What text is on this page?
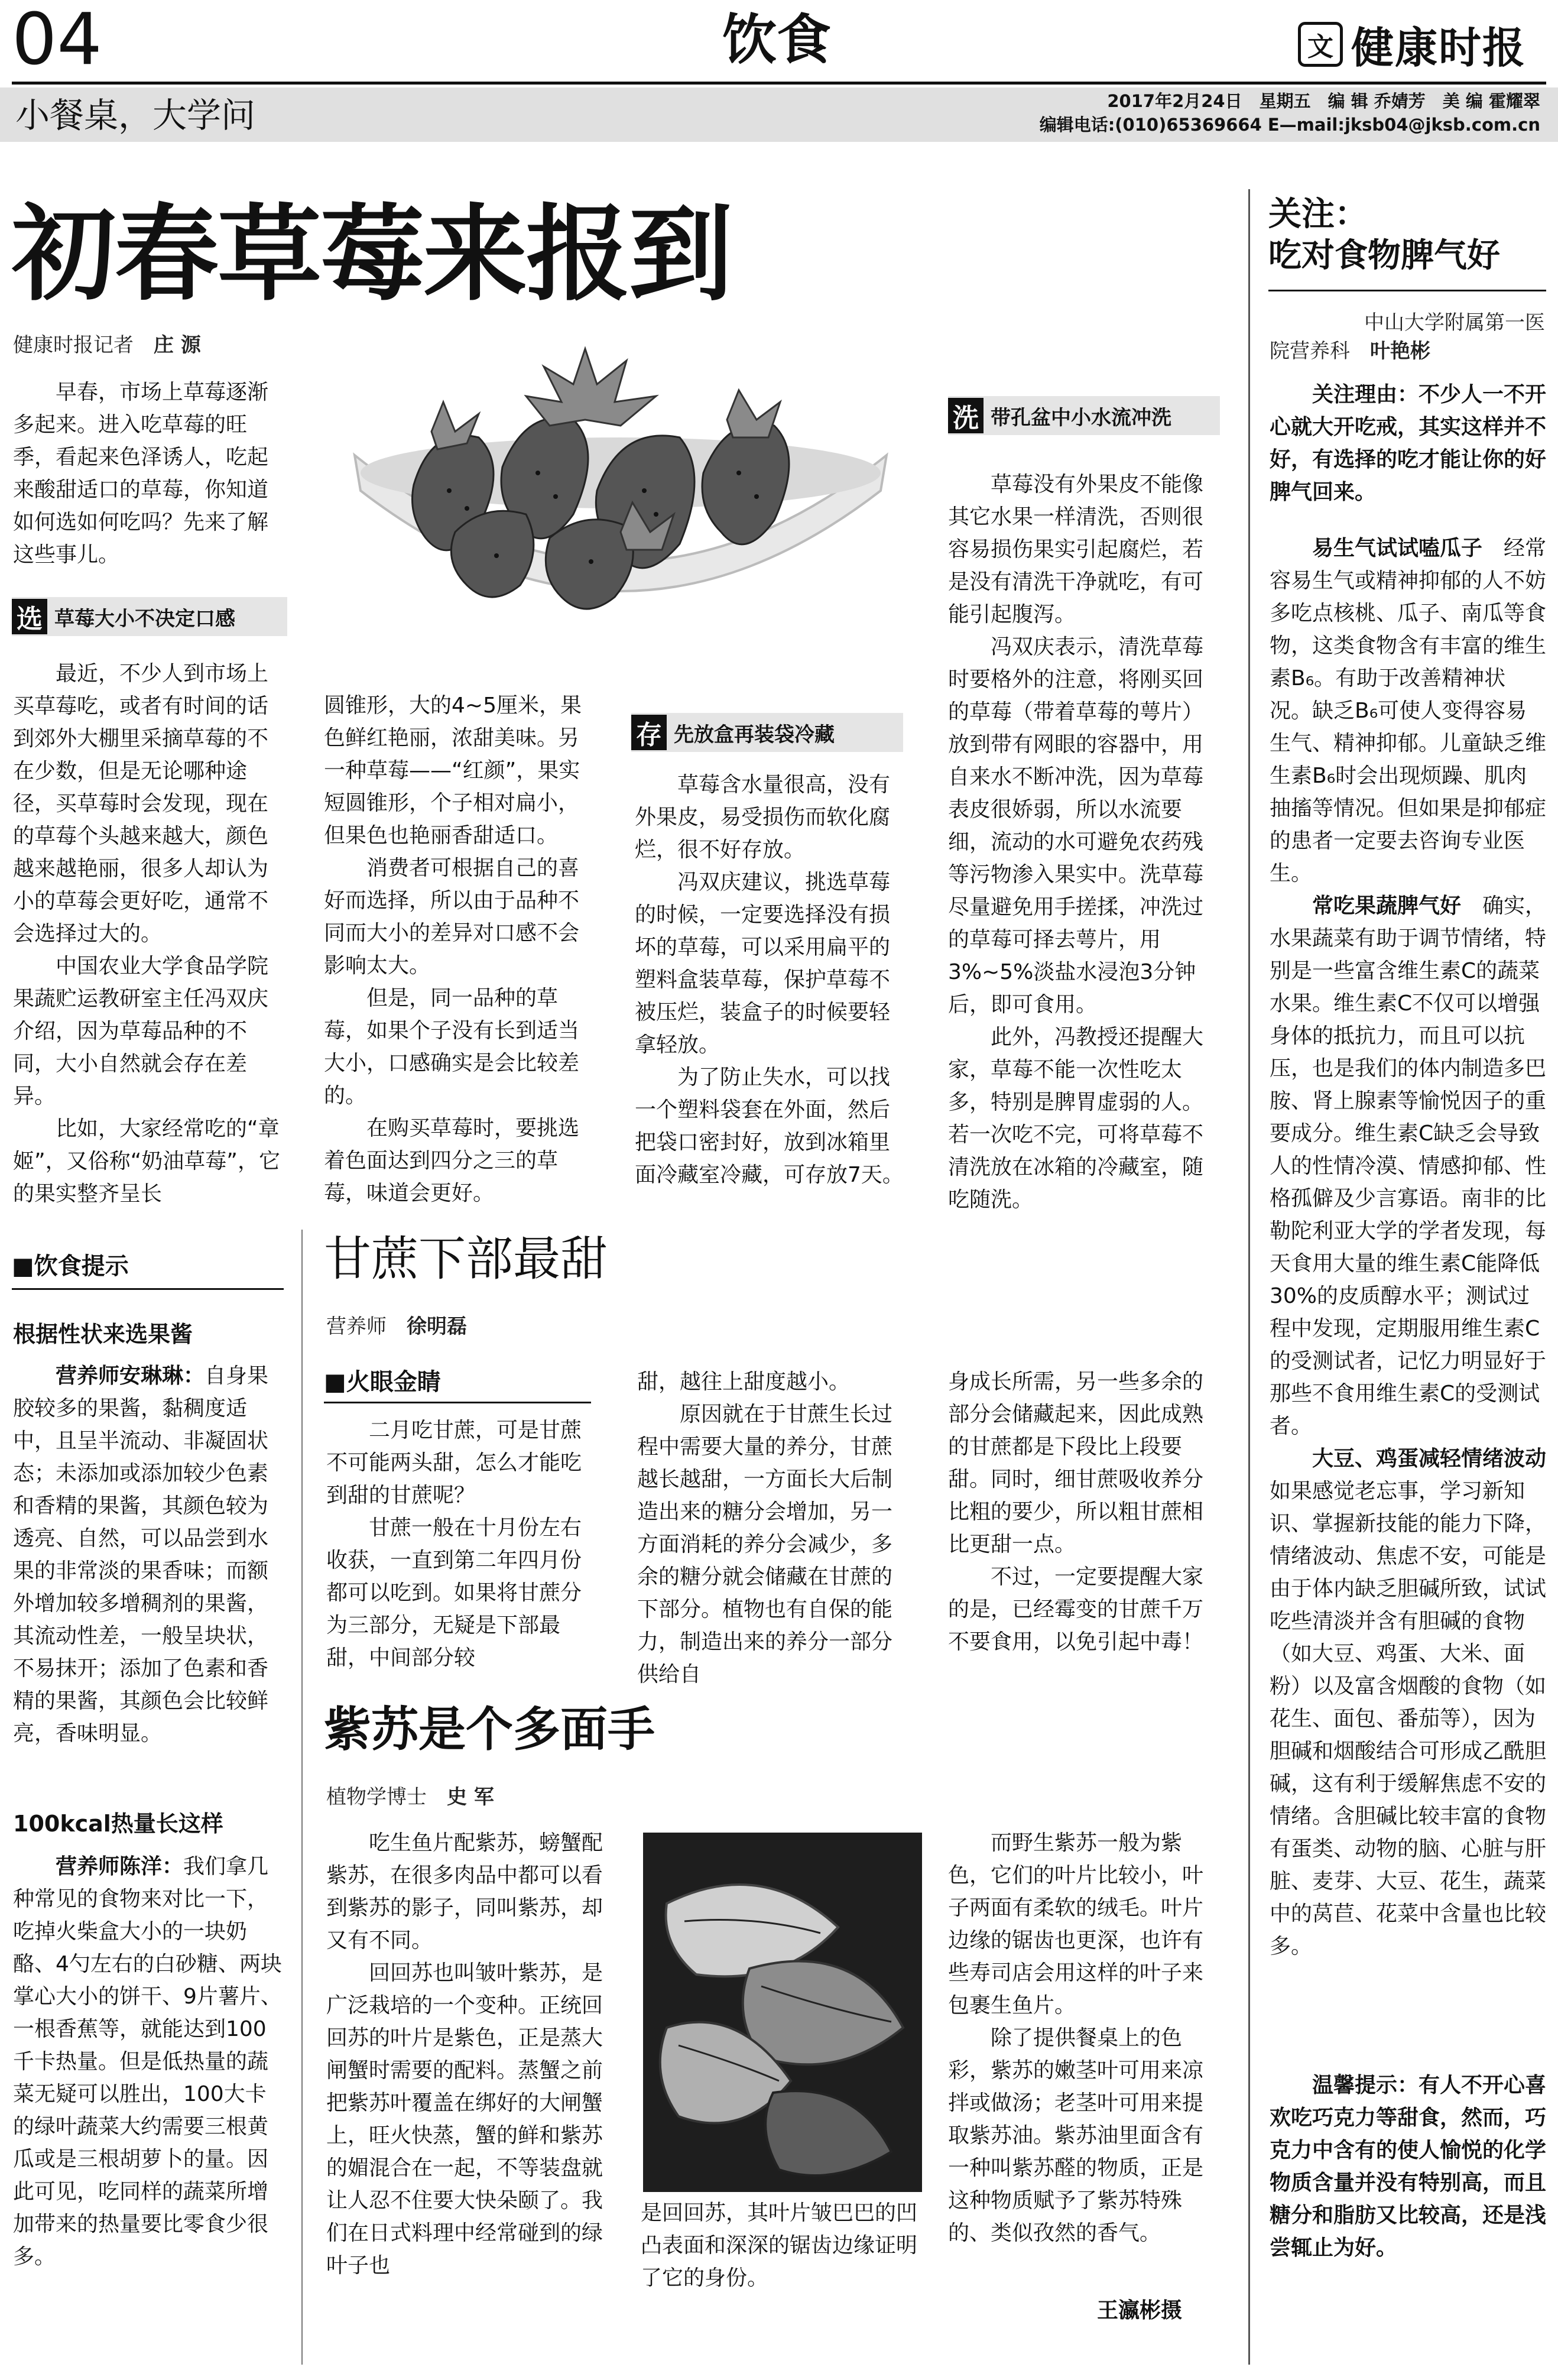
04	饮食	文 健康时报
小餐桌，大学问	2017年2月24日　星期五　编 辑 乔婧芳　美 编 霍耀翠
编辑电话:(010)65369664 E—mail:jksb04@jksb.com.cn
初春草莓来报到
健康时报记者　 庄 源

早春，市场上草莓逐渐多起来。进入吃草莓的旺季，看起来色泽诱人，吃起来酸甜适口的草莓，你知道如何选如何吃吗？先来了解这些事儿。

选 草莓大小不决定口感

最近，不少人到市场上买草莓吃，或者有时间的话到郊外大棚里采摘草莓的不在少数，但是无论哪种途径，买草莓时会发现，现在的草莓个头越来越大，颜色越来越艳丽，很多人却认为小的草莓会更好吃，通常不会选择过大的。

中国农业大学食品学院果蔬贮运教研室主任冯双庆介绍，因为草莓品种的不同，大小自然就会存在差异。

比如，大家经常吃的“章姬”，又俗称“奶油草莓”，它的果实整齐呈长

圆锥形，大的4~5厘米，果色鲜红艳丽，浓甜美味。另一种草莓——“红颜”，果实短圆锥形，个子相对扁小，但果色也艳丽香甜适口。

消费者可根据自己的喜好而选择，所以由于品种不同而大小的差异对口感不会影响太大。

但是，同一品种的草莓，如果个子没有长到适当大小，口感确实是会比较差的。

在购买草莓时，要挑选着色面达到四分之三的草莓，味道会更好。

存 先放盒再装袋冷藏

草莓含水量很高，没有外果皮，易受损伤而软化腐烂，很不好存放。

冯双庆建议，挑选草莓的时候，一定要选择没有损坏的草莓，可以采用扁平的塑料盒装草莓，保护草莓不被压烂，装盒子的时候要轻拿轻放。

为了防止失水，可以找一个塑料袋套在外面，然后把袋口密封好，放到冰箱里面冷藏室冷藏，可存放7天。

洗 带孔盆中小水流冲洗

草莓没有外果皮不能像其它水果一样清洗，否则很容易损伤果实引起腐烂，若是没有清洗干净就吃，有可能引起腹泻。

冯双庆表示，清洗草莓时要格外的注意，将刚买回的草莓（带着草莓的萼片）放到带有网眼的容器中，用自来水不断冲洗，因为草莓表皮很娇弱，所以水流要细，流动的水可避免农药残等污物渗入果实中。洗草莓尽量避免用手搓揉，冲洗过的草莓可择去萼片，用3%~5%淡盐水浸泡3分钟后，即可食用。

此外，冯教授还提醒大家，草莓不能一次性吃太多，特别是脾胃虚弱的人。若一次吃不完，可将草莓不清洗放在冰箱的冷藏室，随吃随洗。

■饮食提示
根据性状来选果酱

营养师安琳琳：自身果胶较多的果酱，黏稠度适中，且呈半流动、非凝固状态；未添加或添加较少色素和香精的果酱，其颜色较为透亮、自然，可以品尝到水果的非常淡的果香味；而额外增加较多增稠剂的果酱，其流动性差，一般呈块状，不易抹开；添加了色素和香精的果酱，其颜色会比较鲜亮，香味明显。

100kcal热量长这样

营养师陈洋：我们拿几种常见的食物来对比一下，吃掉火柴盒大小的一块奶酪、4勺左右的白砂糖、两块掌心大小的饼干、9片薯片、一根香蕉等，就能达到100千卡热量。但是低热量的蔬菜无疑可以胜出，100大卡的绿叶蔬菜大约需要三根黄瓜或是三根胡萝卜的量。因此可见，吃同样的蔬菜所增加带来的热量要比零食少很多。

甘蔗下部最甜
营养师　 徐明磊
■火眼金睛

二月吃甘蔗，可是甘蔗不可能两头甜，怎么才能吃到甜的甘蔗呢？

甘蔗一般在十月份左右收获，一直到第二年四月份都可以吃到。如果将甘蔗分为三部分，无疑是下部最甜，中间部分较

甜，越往上甜度越小。

原因就在于甘蔗生长过程中需要大量的养分，甘蔗越长越甜，一方面长大后制造出来的糖分会增加，另一方面消耗的养分会减少，多余的糖分就会储藏在甘蔗的下部分。植物也有自保的能力，制造出来的养分一部分供给自

身成长所需，另一些多余的部分会储藏起来，因此成熟的甘蔗都是下段比上段要甜。同时，细甘蔗吸收养分比粗的要少，所以粗甘蔗相比更甜一点。

不过，一定要提醒大家的是，已经霉变的甘蔗千万不要食用，以免引起中毒！

紫苏是个多面手
植物学博士　 史 军

吃生鱼片配紫苏，螃蟹配紫苏，在很多肉品中都可以看到紫苏的影子，同叫紫苏，却又有不同。

回回苏也叫皱叶紫苏，是广泛栽培的一个变种。正统回回苏的叶片是紫色，正是蒸大闸蟹时需要的配料。蒸蟹之前把紫苏叶覆盖在绑好的大闸蟹上，旺火快蒸，蟹的鲜和紫苏的媚混合在一起，不等装盘就让人忍不住要大快朵颐了。我们在日式料理中经常碰到的绿叶子也

是回回苏，其叶片皱巴巴的凹凸表面和深深的锯齿边缘证明了它的身份。

而野生紫苏一般为紫色，它们的叶片比较小，叶子两面有柔软的绒毛。叶片边缘的锯齿也更深，也许有些寿司店会用这样的叶子来包裹生鱼片。

除了提供餐桌上的色彩，紫苏的嫩茎叶可用来凉拌或做汤；老茎叶可用来提取紫苏油。紫苏油里面含有一种叫紫苏醛的物质，正是这种物质赋予了紫苏特殊的、类似孜然的香气。

王瀛彬摄
关注：
吃对食物脾气好
中山大学附属第一医
院营养科　 叶艳彬

关注理由：不少人一不开心就大开吃戒，其实这样并不好，有选择的吃才能让你的好脾气回来。

易生气试试嗑瓜子　 经常容易生气或精神抑郁的人不妨多吃点核桃、瓜子、南瓜等食物，这类食物含有丰富的维生素B₆。有助于改善精神状况。缺乏B₆可使人变得容易生气、精神抑郁。儿童缺乏维生素B₆时会出现烦躁、肌肉抽搐等情况。但如果是抑郁症的患者一定要去咨询专业医生。

常吃果蔬脾气好　 确实，水果蔬菜有助于调节情绪，特别是一些富含维生素C的蔬菜水果。维生素C不仅可以增强身体的抵抗力，而且可以抗压，也是我们的体内制造多巴胺、肾上腺素等愉悦因子的重要成分。维生素C缺乏会导致人的性情冷漠、情感抑郁、性格孤僻及少言寡语。南非的比勒陀利亚大学的学者发现，每天食用大量的维生素C能降低30%的皮质醇水平；测试过程中发现，定期服用维生素C的受测试者，记忆力明显好于那些不食用维生素C的受测试者。

大豆、鸡蛋减轻情绪波动　如果感觉老忘事，学习新知识、掌握新技能的能力下降，情绪波动、焦虑不安，可能是由于体内缺乏胆碱所致，试试吃些清淡并含有胆碱的食物（如大豆、鸡蛋、大米、面粉）以及富含烟酸的食物（如花生、面包、番茄等），因为胆碱和烟酸结合可形成乙酰胆碱，这有利于缓解焦虑不安的情绪。含胆碱比较丰富的食物有蛋类、动物的脑、心脏与肝脏、麦芽、大豆、花生，蔬菜中的莴苣、花菜中含量也比较多。

温馨提示：有人不开心喜欢吃巧克力等甜食，然而，巧克力中含有的使人愉悦的化学物质含量并没有特别高，而且糖分和脂肪又比较高，还是浅尝辄止为好。
